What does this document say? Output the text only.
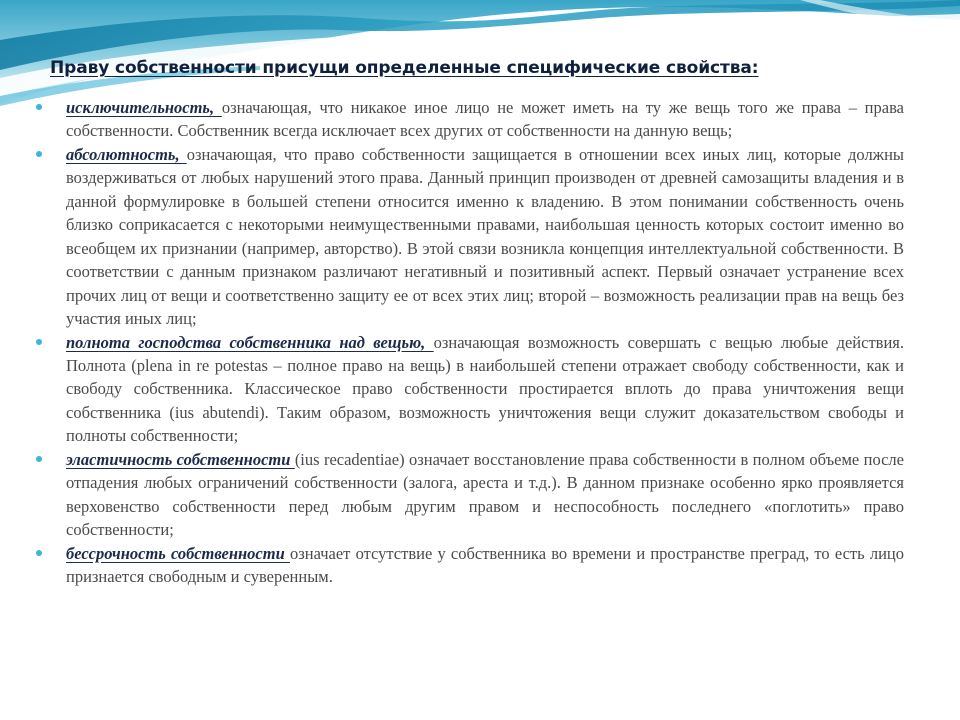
Праву собственности присущи определенные специфические свойства:
исключительность, означающая, что никакое иное лицо не может иметь на ту же вещь того же права – права собственности. Собственник всегда исключает всех других от собственности на данную вещь;
абсолютность, означающая, что право собственности защищается в отношении всех иных лиц, которые должны воздерживаться от любых нарушений этого права. Данный принцип производен от древней самозащиты владения и в данной формулировке в большей степени относится именно к владению. В этом понимании собственность очень близко соприкасается с некоторыми неимущественными правами, наибольшая ценность которых состоит именно во всеобщем их признании (например, авторство). В этой связи возникла концепция интеллектуальной собственности. В соответствии с данным признаком различают негативный и позитивный аспект. Первый означает устранение всех прочих лиц от вещи и соответственно защиту ее от всех этих лиц; второй – возможность реализации прав на вещь без участия иных лиц;
полнота господства собственника над вещью, означающая возможность совершать с вещью любые действия. Полнота (plena in re potestas – полное право на вещь) в наибольшей степени отражает свободу собственности, как и свободу собственника. Классическое право собственности простирается вплоть до права уничтожения вещи собственника (ius abutendi). Таким образом, возможность уничтожения вещи служит доказательством свободы и полноты собственности;
эластичность собственности (ius recadentiae) означает восстановление права собственности в полном объеме после отпадения любых ограничений собственности (залога, ареста и т.д.). В данном признаке особенно ярко проявляется верховенство собственности перед любым другим правом и неспособность последнего «поглотить» право собственности;
бессрочность собственности означает отсутствие у собственника во времени и пространстве преград, то есть лицо признается свободным и суверенным.
